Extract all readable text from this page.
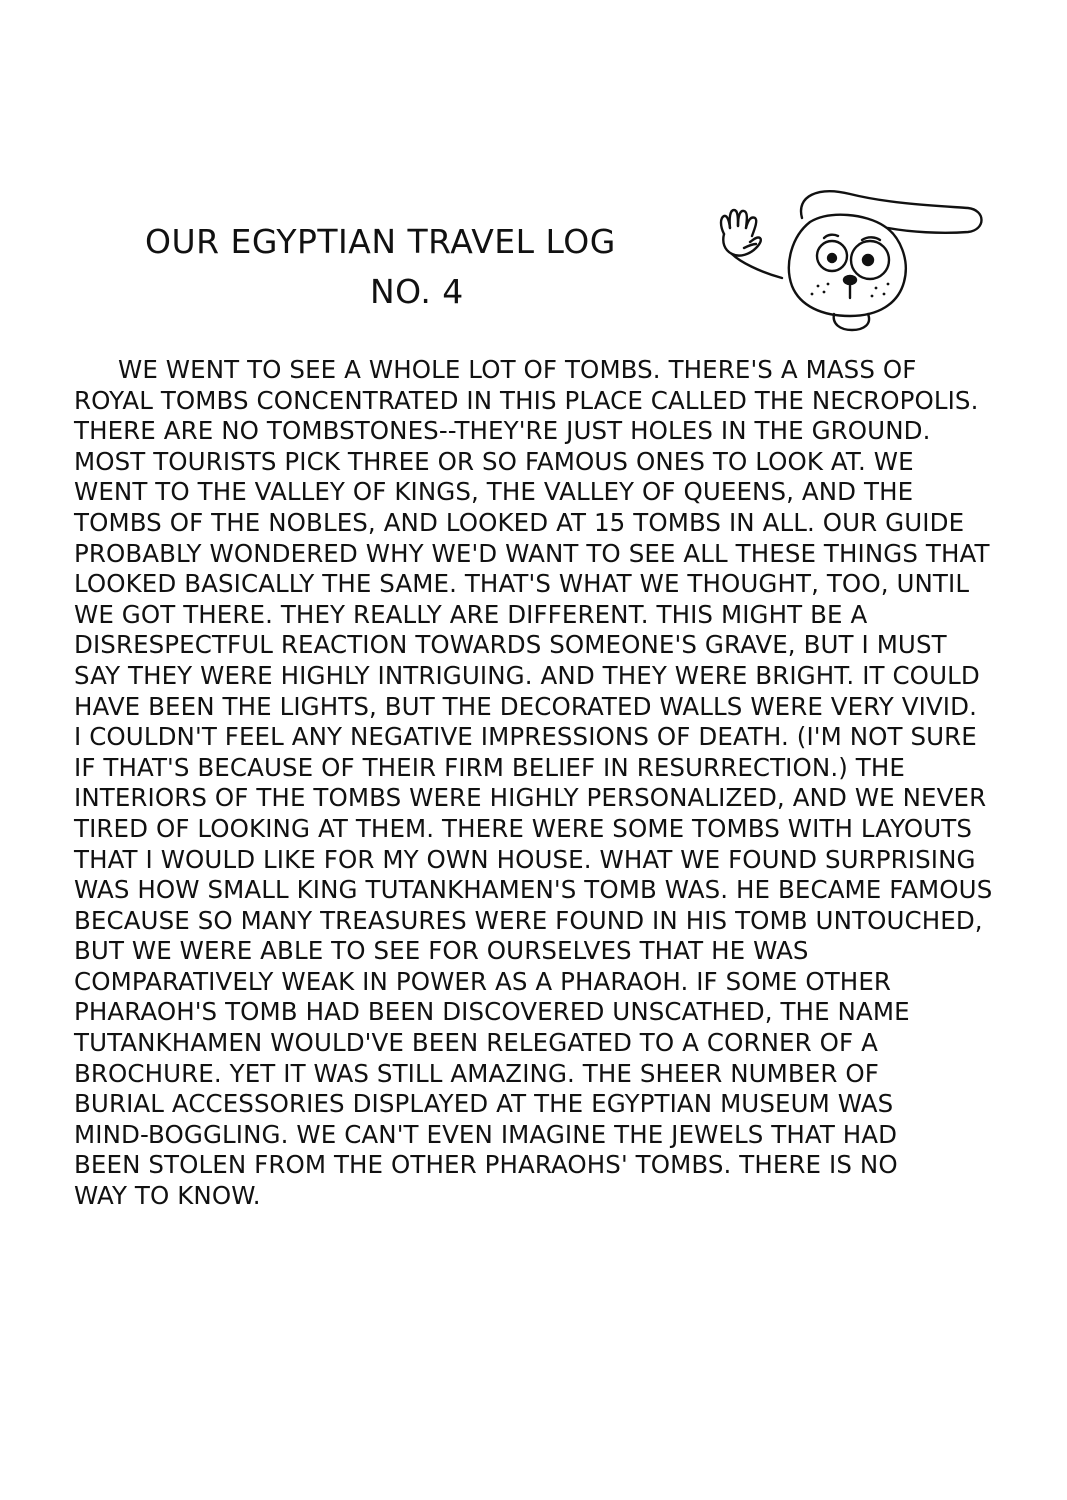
OUR EGYPTIAN TRAVEL LOG
NO. 4
WE WENT TO SEE A WHOLE LOT OF TOMBS. THERE'S A MASS OF
ROYAL TOMBS CONCENTRATED IN THIS PLACE CALLED THE NECROPOLIS.
THERE ARE NO TOMBSTONES--THEY'RE JUST HOLES IN THE GROUND.
MOST TOURISTS PICK THREE OR SO FAMOUS ONES TO LOOK AT. WE
WENT TO THE VALLEY OF KINGS, THE VALLEY OF QUEENS, AND THE
TOMBS OF THE NOBLES, AND LOOKED AT 15 TOMBS IN ALL. OUR GUIDE
PROBABLY WONDERED WHY WE'D WANT TO SEE ALL THESE THINGS THAT
LOOKED BASICALLY THE SAME. THAT'S WHAT WE THOUGHT, TOO, UNTIL
WE GOT THERE. THEY REALLY ARE DIFFERENT. THIS MIGHT BE A
DISRESPECTFUL REACTION TOWARDS SOMEONE'S GRAVE, BUT I MUST
SAY THEY WERE HIGHLY INTRIGUING. AND THEY WERE BRIGHT. IT COULD
HAVE BEEN THE LIGHTS, BUT THE DECORATED WALLS WERE VERY VIVID.
I COULDN'T FEEL ANY NEGATIVE IMPRESSIONS OF DEATH. (I'M NOT SURE
IF THAT'S BECAUSE OF THEIR FIRM BELIEF IN RESURRECTION.) THE
INTERIORS OF THE TOMBS WERE HIGHLY PERSONALIZED, AND WE NEVER
TIRED OF LOOKING AT THEM. THERE WERE SOME TOMBS WITH LAYOUTS
THAT I WOULD LIKE FOR MY OWN HOUSE. WHAT WE FOUND SURPRISING
WAS HOW SMALL KING TUTANKHAMEN'S TOMB WAS. HE BECAME FAMOUS
BECAUSE SO MANY TREASURES WERE FOUND IN HIS TOMB UNTOUCHED,
BUT WE WERE ABLE TO SEE FOR OURSELVES THAT HE WAS
COMPARATIVELY WEAK IN POWER AS A PHARAOH. IF SOME OTHER
PHARAOH'S TOMB HAD BEEN DISCOVERED UNSCATHED, THE NAME
TUTANKHAMEN WOULD'VE BEEN RELEGATED TO A CORNER OF A
BROCHURE. YET IT WAS STILL AMAZING. THE SHEER NUMBER OF
BURIAL ACCESSORIES DISPLAYED AT THE EGYPTIAN MUSEUM WAS
MIND-BOGGLING. WE CAN'T EVEN IMAGINE THE JEWELS THAT HAD
BEEN STOLEN FROM THE OTHER PHARAOHS' TOMBS. THERE IS NO
WAY TO KNOW.
